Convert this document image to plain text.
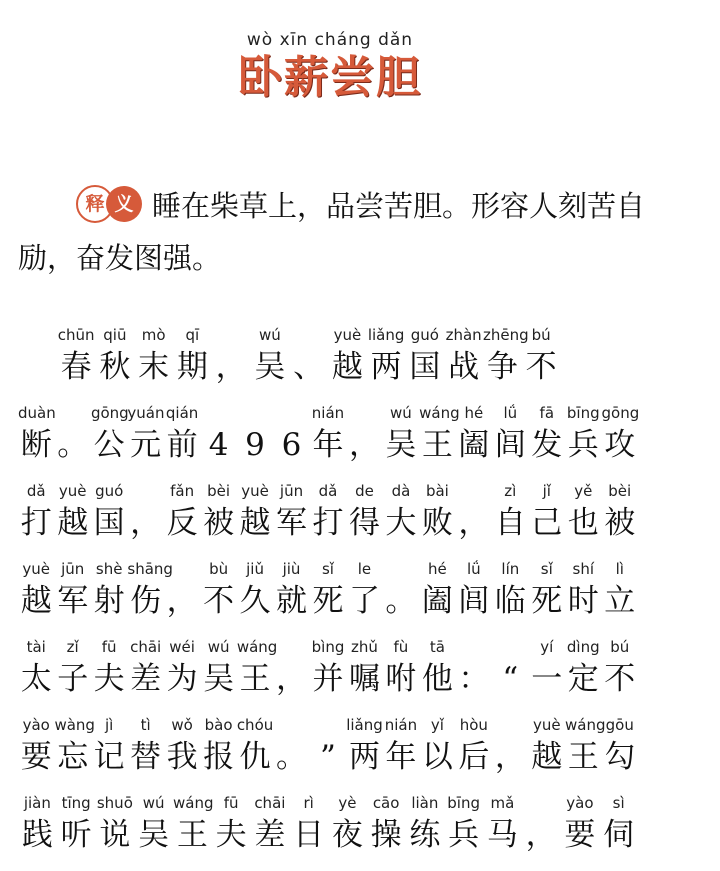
wò xīn cháng dǎn
卧薪尝胆
释 义 睡在柴草上，品尝苦胆。形容人刻苦自励，奋发图强。
chūn qiū	mò	qī	wú	yuè liǎng guó zhàn zhēng bú
春 秋 末 期 ， 吴 、 越 两 国 战 争 不
duàn gōng
yuán qián	nián	wú wáng hé	lǘ	fā bīng gōng
断 。 公 元 前 4 9 6 年 ， 吴 王 阖 闾 发 兵 攻
dǎ yuè guó	fǎn bèi yuè jūn	dǎ	de	dà	bài	zì	jǐ	yě	bèi
打 越 国 ， 反 被 越 军 打 得 大 败 ， 自 己 也 被
yuè jūn shè shāng	bù	jiǔ	jiù	sǐ	le	hé	lǘ	lín	sǐ	shí	lì
越 军 射 伤 ， 不 久 就 死 了 。 阖 闾 临 死 时 立
tài	zǐ	fū chāi wéi wú wáng bìng zhǔ	fù	tā	yí dìng bú
太 子 夫 差 为 吴 王 ， 并 嘱 咐 他 ： “ 一 定 不
yào wàng jì	tì	wǒ bào chóu	liǎng nián yǐ	hòu	yuè wáng gōu
要 忘 记 替 我 报 仇 。 ” 两 年 以 后 ， 越 王 勾
jiàn tīng shuō wú wáng fū	chāi	rì	yè	cāo liàn bīng mǎ	yào	sì
践 听 说 吴 王 夫 差 日 夜 操 练 兵 马 ， 要 伺
